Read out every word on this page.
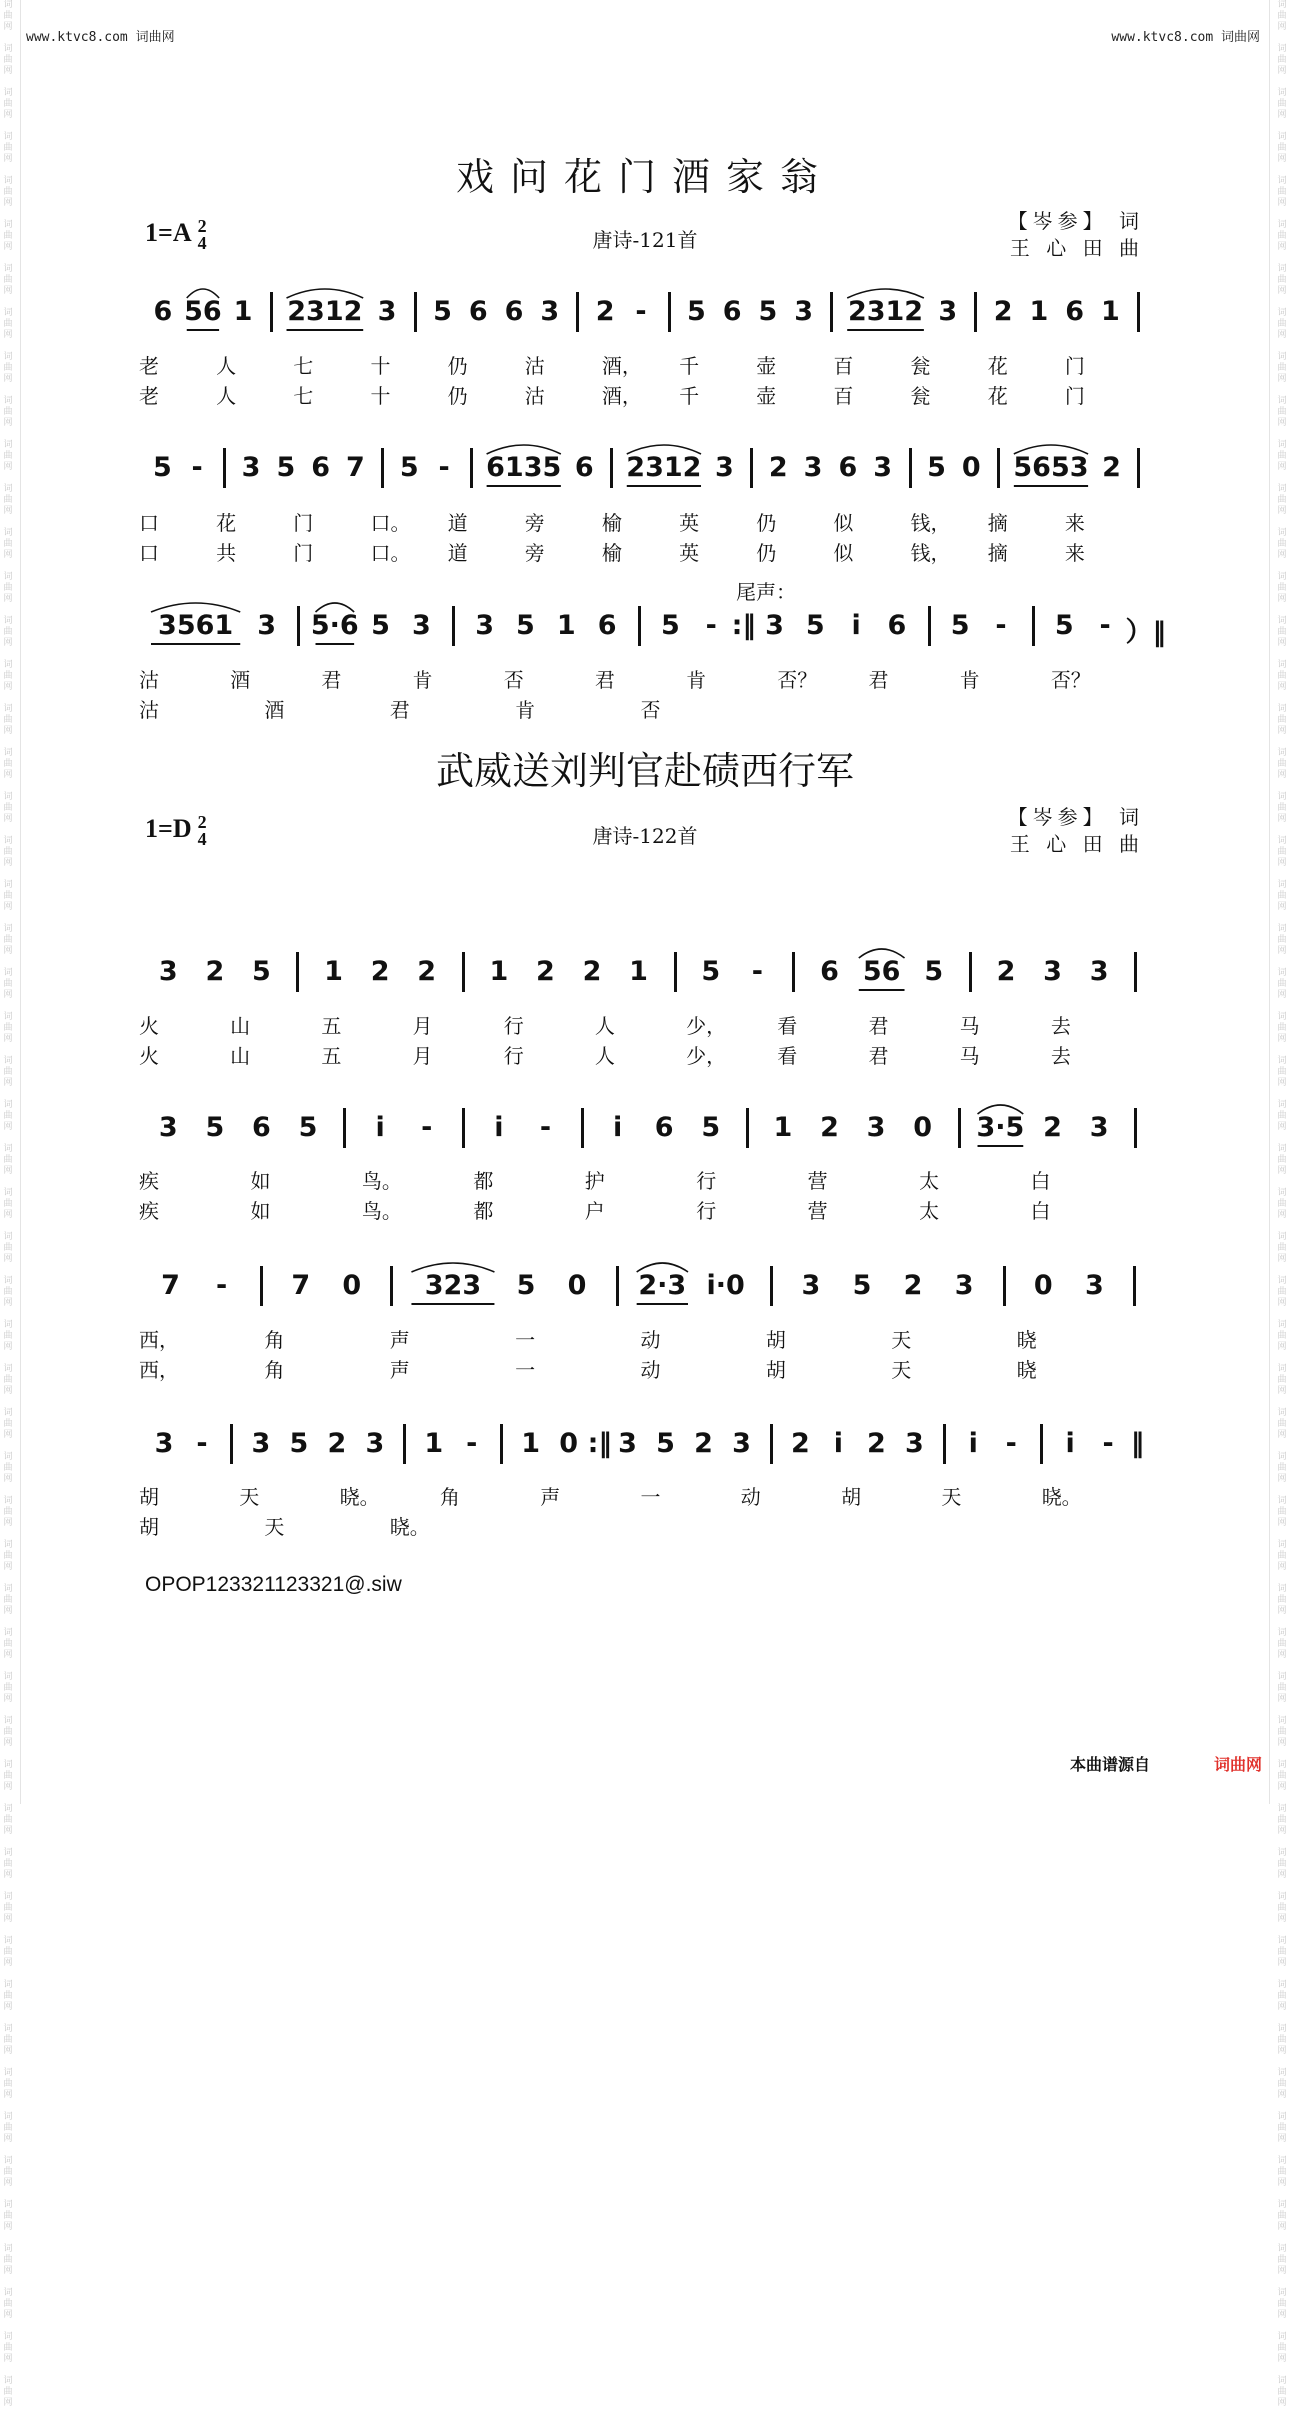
词
曲
网

词
曲
网

词
曲
网

词
曲
网

词
曲
网

词
曲
网

词
曲
网

词
曲
网

词
曲
网

词
曲
网

词
曲
网

词
曲
网

词
曲
网

词
曲
网

词
曲
网

词
曲
网

词
曲
网

词
曲
网

词
曲
网

词
曲
网

词
曲
网

词
曲
网

词
曲
网

词
曲
网

词
曲
网

词
曲
网

词
曲
网

词
曲
网

词
曲
网

词
曲
网

词
曲
网

词
曲
网

词
曲
网

词
曲
网

词
曲
网

词
曲
网

词
曲
网

词
曲
网

词
曲
网

词
曲
网

词
曲
网

词
曲
网

词
曲
网

词
曲
网

词
曲
网

词
曲
网

词
曲
网

词
曲
网

词
曲
网

词
曲
网

词
曲
网

词
曲
网

词
曲
网

词
曲
网

词
曲
网

词
曲
网

词
曲
网

词
曲
网

词
曲
网

词
曲
网

词
曲
网

词
曲
网

词
曲
网

词
曲
网

词
曲
网

词
曲
网

词
曲
网

词
曲
网

词
曲
网

词
曲
网

词
曲
网

词
曲
网

词
曲
网

词
曲
网

词
曲
网

词
曲
网

词
曲
网

词
曲
网

词
曲
网

词
曲
网

词
曲
网

词
曲
网

词
曲
网

词
曲
网

词
曲
网

词
曲
网

词
曲
网

词
曲
网

词
曲
网

词
曲
网

词
曲
网

词
曲
网

词
曲
网

词
曲
网

词
曲
网

词
曲
网

词
曲
网

词
曲
网

词
曲
网

词
曲
网

词
曲
网

词
曲
网

词
曲
网

词
曲
网

词
曲
网

词
曲
网

词
曲
网

词
曲
网

词
曲
网

词
曲
网

www.ktvc8.com 词曲网	www.ktvc8.com 词曲网
戏问花门酒家翁
1=A 2
4	唐诗-121首
【岑参】 词
王 心 田 曲
尾声：
武威送刘判官赴碛西行军
1=D 2
4	唐诗-122首
【岑参】 词
王 心 田 曲
6 56 1	2312 3	5 6 6 3	2 -	5 6 5 3	2312 3	2 1 6 1
老	人	七	十	仍	沽	酒， 千	壶	百	瓮	花	门
老	人	七	十	仍	沽	酒， 千	壶	百	瓮	花	门
5 -	3 5 6 7 5 -	6135 6 2312 3 2 3 6 3 5 0 5653 2
口	花	门	口。 道	旁	榆	英	仍	似	钱， 摘	来
口	共	门	口。 道	旁	榆	英	仍	似	钱， 摘	来
3561 3	5·6 5 3	3 5 1 6	5 - :‖ 3 5 i 6	5 -	5 - ）‖
沽	酒	君	肯	否	君	肯	否？	君	肯	否？
沽	酒	君	肯	否
3	2	5	1	2	2	1	2	2	1	5	-	6 56 5	2	3	3
火	山	五	月	行	人	少，	看	君	马	去
火	山	五	月	行	人	少，	看	君	马	去
3	5	6	5	i	-	i	-	i	6	5	1	2	3	0	3·5 2	3
疾	如	鸟。	都	护	行	营	太	白
疾	如	鸟。	都	户	行	营	太	白
7	-	7	0	323	5	0	2·3 i·0	3	5	2	3	0	3
西，	角	声	一	动	胡	天	晓
西，	角	声	一	动	胡	天	晓
3 -	3 5 2 3	1 -	1 0 :‖ 3 5 2 3	2 i 2 3	i	-	i	- ‖
胡	天	晓。	角	声	一	动	胡	天	晓。
胡	天	晓。
OPOP123321123321@.siw
本曲谱源自	词曲网
